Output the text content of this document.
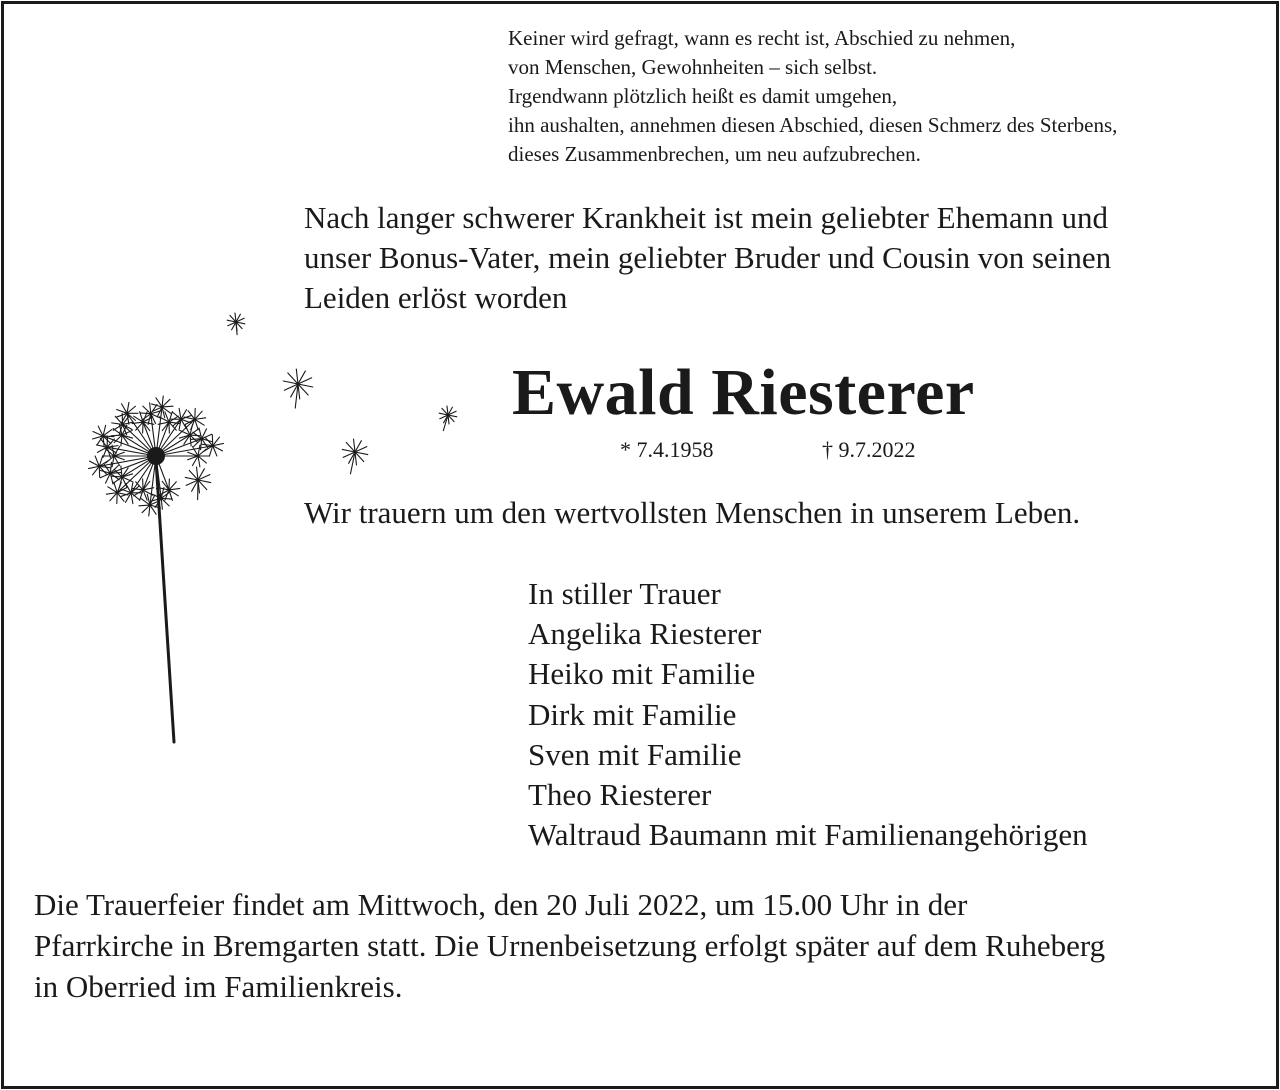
Keiner wird gefragt, wann es recht ist, Abschied zu nehmen,
von Menschen, Gewohnheiten – sich selbst.
Irgendwann plötzlich heißt es damit umgehen,
ihn aushalten, annehmen diesen Abschied, diesen Schmerz des Sterbens,
dieses Zusammenbrechen, um neu aufzubrechen.
Nach langer schwerer Krankheit ist mein geliebter Ehemann und
unser Bonus-Vater, mein geliebter Bruder und Cousin von seinen
Leiden erlöst worden
Ewald Riesterer
* 7.4.1958	† 9.7.2022
Wir trauern um den wertvollsten Menschen in unserem Leben.
In stiller Trauer
Angelika Riesterer
Heiko mit Familie
Dirk mit Familie
Sven mit Familie
Theo Riesterer
Waltraud Baumann mit Familienangehörigen
Die Trauerfeier findet am Mittwoch, den 20 Juli 2022, um 15.00 Uhr in der
Pfarrkirche in Bremgarten statt. Die Urnenbeisetzung erfolgt später auf dem Ruheberg
in Oberried im Familienkreis.
